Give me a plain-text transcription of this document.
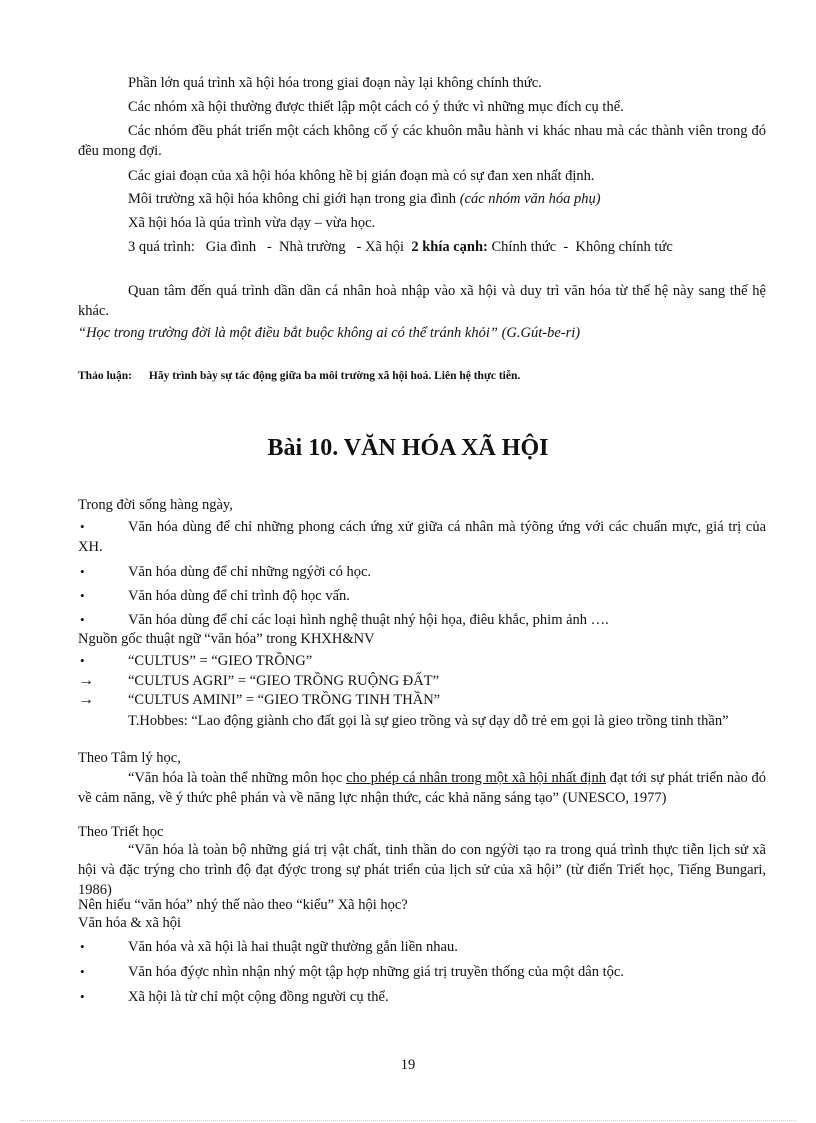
Phần lớn quá trình xã hội hóa trong giai đoạn này lại không chính thức.
Các nhóm xã hội thường được thiết lập một cách có ý thức vì những mục đích cụ thể.
Các nhóm đều phát triển một cách không cố ý các khuôn mẫu hành vi khác nhau mà các thành viên trong đó đều mong đợi.
Các giai đoạn của xã hội hóa không hề bị gián đoạn mà có sự đan xen nhất định.
Môi trường xã hội hóa không chỉ giới hạn trong gia đình (các nhóm văn hóa phụ)
Xã hội hóa là qúa trình vừa dạy – vừa học.
3 quá trình:   Gia đình   -  Nhà trường   - Xã hội 2 khía cạnh: Chính thức  -  Không chính tức
Quan tâm đến quá trình dần dần cá nhân hoà nhập vào xã hội và duy trì văn hóa từ thế hệ này sang thế hệ khác.
“Học trong trường đời là một điều bắt buộc không ai có thể tránh khỏi” (G.Gút-be-ri)
Thảo luận: Hãy trình bày sự tác động giữa ba môi trường xã hội hoá. Liên hệ thực tiễn.
Bài 10. VĂN HÓA XÃ HỘI
Trong đời sống hàng ngày,
•	Văn hóa dùng để chỉ những phong cách ứng xử giữa cá nhân mà týõng ứng với các chuẩn mực, giá trị của XH.
•	Văn hóa dùng để chỉ những ngýời có học.
•	Văn hóa dùng để chỉ trình độ học vấn.
•	Văn hóa dùng để chỉ các loại hình nghệ thuật nhý hội họa, điêu khắc, phim ảnh ….
Nguồn gốc thuật ngữ “văn hóa” trong KHXH&NV
•	“CULTUS” = “GIEO TRỒNG”
→ “CULTUS AGRI” = “GIEO TRỒNG RUỘNG ĐẤT”
→ “CULTUS AMINI” = “GIEO TRỒNG TINH THẦN”
T.Hobbes: “Lao động giành cho đất gọi là sự gieo trồng và sự dạy dỗ trẻ em gọi là gieo trồng tinh thần”
Theo Tâm lý học,
“Văn hóa là toàn thể những môn học cho phép cá nhân trong một xã hội nhất định đạt tới sự phát triển nào đó về cảm năng, về ý thức phê phán và về năng lực nhận thức, các khả năng sáng tạo” (UNESCO, 1977)
Theo Triết học
“Văn hóa là toàn bộ những giá trị vật chất, tinh thần do con ngýời tạo ra trong quá trình thực tiễn lịch sử xã hội và đặc trýng cho trình độ đạt đýợc trong sự phát triển của lịch sử của xã hội” (từ điển Triết học, Tiếng Bungari, 1986)
Nên hiểu “văn hóa” nhý thế nào theo “kiểu” Xã hội học?
Văn hóa & xã hội
•	Văn hóa và xã hội là hai thuật ngữ thường gắn liền nhau.
•	Văn hóa đýợc nhìn nhận nhý một tập hợp những giá trị truyền thống của một dân tộc.
•	Xã hội là từ chỉ một cộng đồng người cụ thể.
19
